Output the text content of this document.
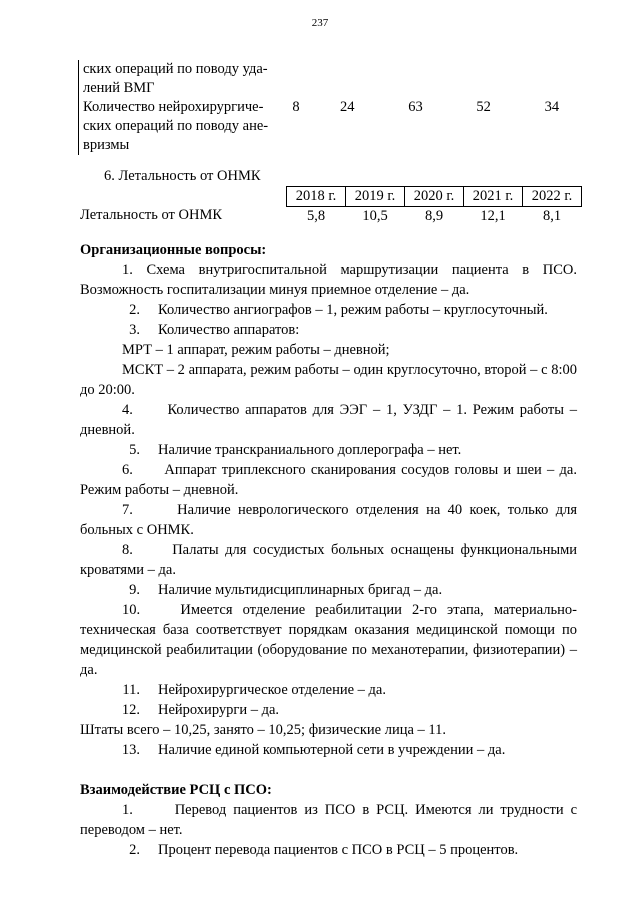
237
ских операций по поводу уда-
лений ВМГ
Количество нейрохирургиче-
ских операций по поводу ане-
вризмы
	8	24	63	52	34
6. Летальность от ОНМК
	2018 г.	2019 г.	2020 г.	2021 г.	2022 г.
Летальность от ОНМК	5,8	10,5	8,9	12,1	8,1

Организационные вопросы:

1. Схема внутригоспитальной маршрутизации пациента в ПСО. Возможность госпитализации минуя приемное отделение – да.

2.	Количество ангиографов – 1, режим работы – круглосуточный.
3.	Количество аппаратов:

МРТ – 1 аппарат, режим работы – дневной;

МСКТ – 2 аппарата, режим работы – один круглосуточно, второй – с 8:00 до 20:00.

4. Количество аппаратов для ЭЭГ – 1, УЗДГ – 1. Режим работы – дневной.

5.	Наличие транскраниального доплерографа – нет.

6. Аппарат триплексного сканирования сосудов головы и шеи – да. Режим работы – дневной.

7.	Наличие неврологического отделения на 40 коек, только для больных с ОНМК.

8.	Палаты для сосудистых больных оснащены функциональными кроватями – да.

9.	Наличие мультидисциплинарных бригад – да.

10.	Имеется отделение реабилитации 2-го этапа, материально-техническая база соответствует порядкам оказания медицинской помощи по медицинской реабилитации (оборудование по механотерапии, физиотерапии) – да.

11.	Нейрохирургическое отделение – да.
12.	Нейрохирурги – да.

Штаты всего – 10,25, занято – 10,25; физические лица – 11.

13.	Наличие единой компьютерной сети в учреждении – да.

Взаимодействие РСЦ с ПСО:

1.	Перевод пациентов из ПСО в РСЦ. Имеются ли трудности с переводом – нет.

2.	Процент перевода пациентов с ПСО в РСЦ – 5 процентов.
